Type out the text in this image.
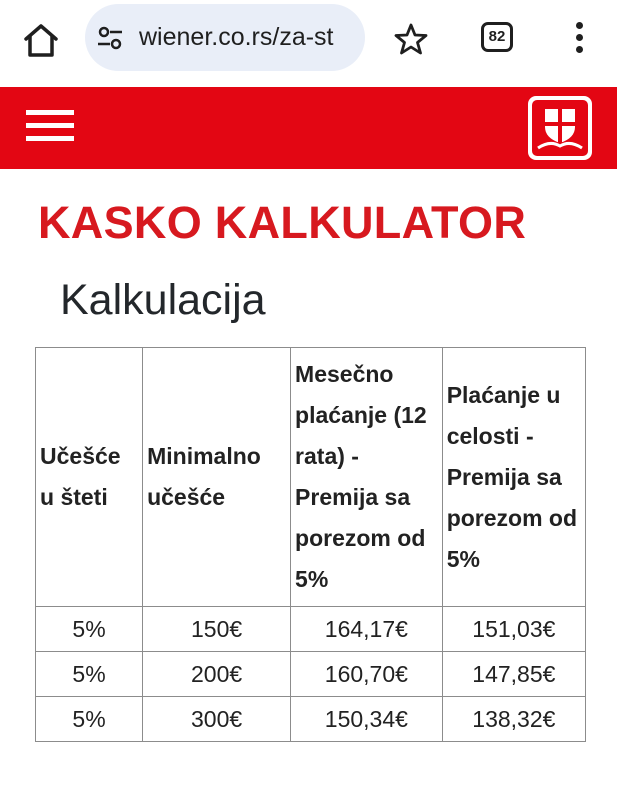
wiener.co.rs/za-st	82
KASKO KALKULATOR
Kalkulacija
Učešće u šteti	Minimalno učešće	Mesečno plaćanje (12 rata) - Premija sa porezom od 5%	Plaćanje u celosti - Premija sa porezom od 5%
5%	150€	164,17€	151,03€
5%	200€	160,70€	147,85€
5%	300€	150,34€	138,32€
